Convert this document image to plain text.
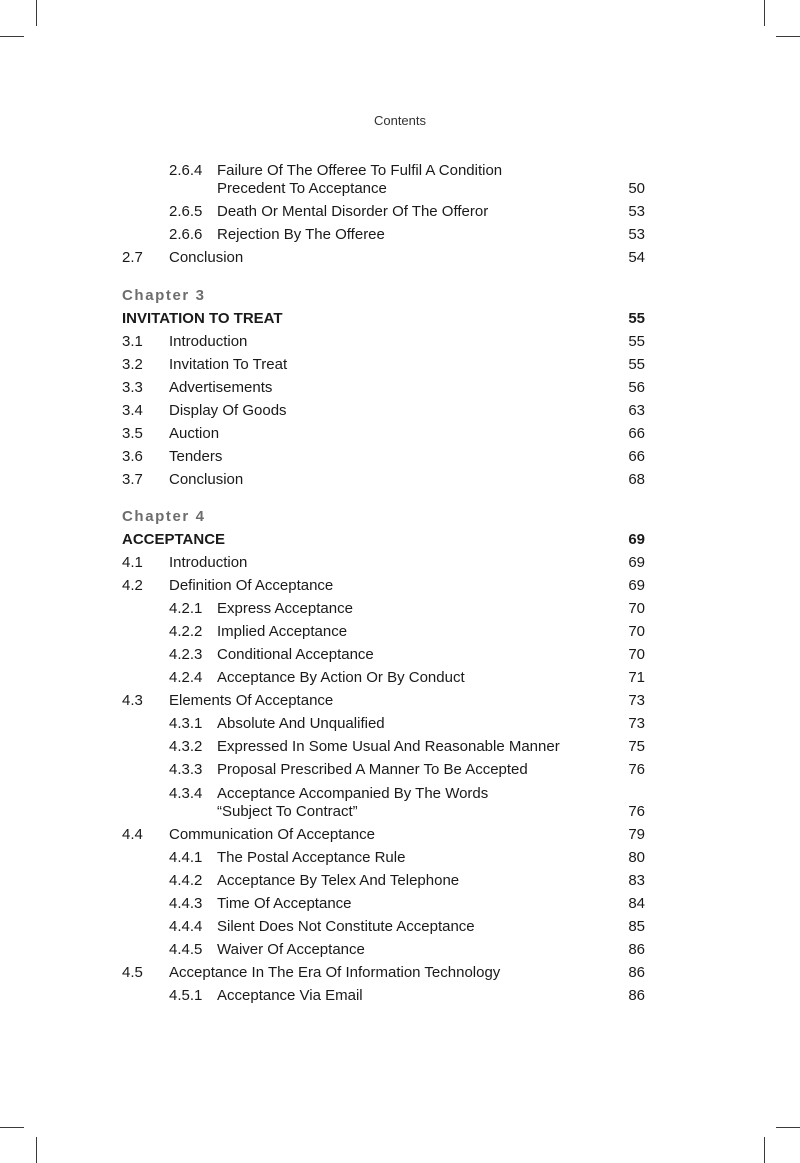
Contents
2.6.4 Failure Of The Offeree To Fulfil A Condition
Precedent To Acceptance	50
2.6.5 Death Or Mental Disorder Of The Offeror	53
2.6.6 Rejection By The Offeree	53
2.7 Conclusion	54
Chapter 3
INVITATION TO TREAT	55
3.1 Introduction	55
3.2 Invitation To Treat	55
3.3 Advertisements	56
3.4 Display Of Goods	63
3.5 Auction	66
3.6 Tenders	66
3.7 Conclusion	68
Chapter 4
ACCEPTANCE	69
4.1 Introduction	69
4.2 Definition Of Acceptance	69
4.2.1 Express Acceptance	70
4.2.2 Implied Acceptance	70
4.2.3 Conditional Acceptance	70
4.2.4 Acceptance By Action Or By Conduct	71
4.3 Elements Of Acceptance	73
4.3.1 Absolute And Unqualified	73
4.3.2 Expressed In Some Usual And Reasonable Manner	75
4.3.3 Proposal Prescribed A Manner To Be Accepted	76
4.3.4 Acceptance Accompanied By The Words
“Subject To Contract”	76
4.4 Communication Of Acceptance	79
4.4.1 The Postal Acceptance Rule	80
4.4.2 Acceptance By Telex And Telephone	83
4.4.3 Time Of Acceptance	84
4.4.4 Silent Does Not Constitute Acceptance	85
4.4.5 Waiver Of Acceptance	86
4.5 Acceptance In The Era Of Information Technology	86
4.5.1 Acceptance Via Email	86
